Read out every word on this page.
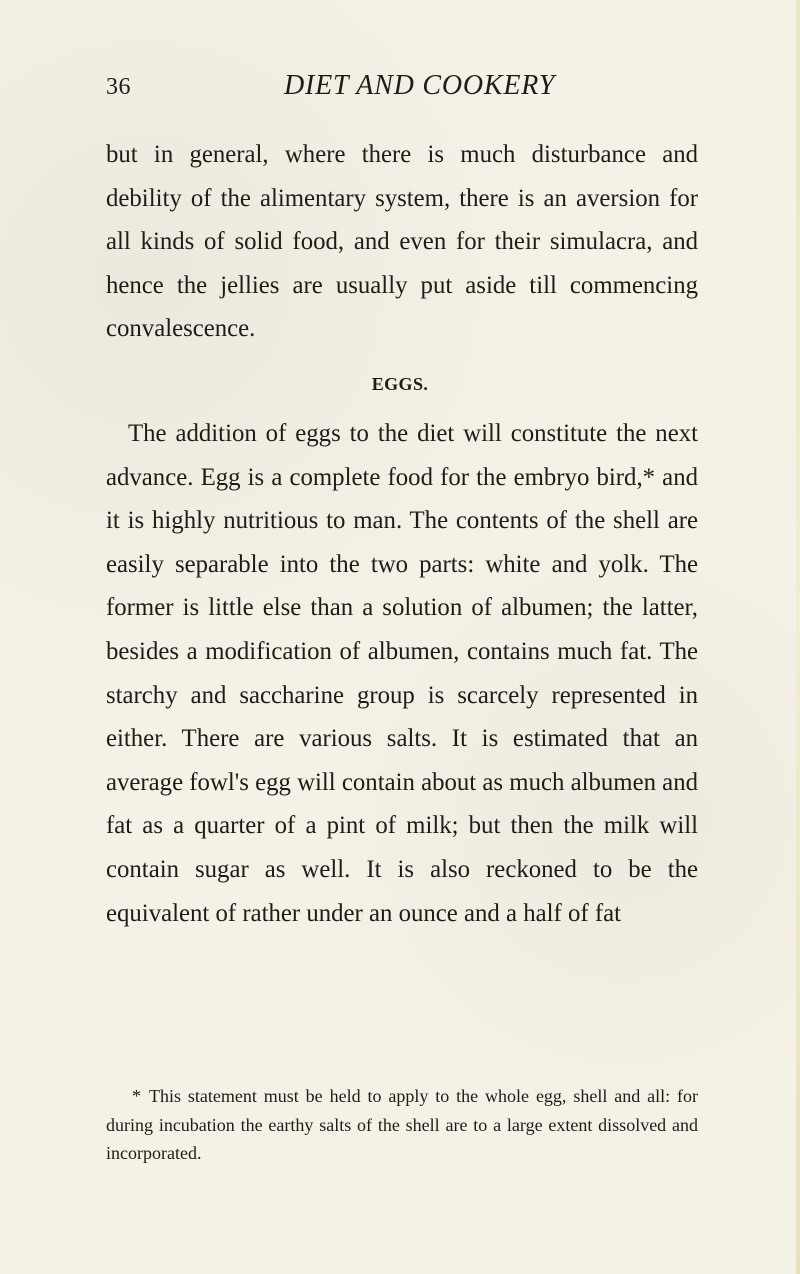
36	DIET AND COOKERY

but in general, where there is much disturbance and debility of the alimentary system, there is an aversion for all kinds of solid food, and even for their simulacra, and hence the jellies are usually put aside till commencing convalescence.

EGGS.

The addition of eggs to the diet will constitute the next advance. Egg is a complete food for the embryo bird,* and it is highly nutritious to man. The contents of the shell are easily separable into the two parts: white and yolk. The former is little else than a solution of albumen; the latter, besides a modification of albumen, contains much fat. The starchy and saccharine group is scarcely represented in either. There are various salts. It is estimated that an average fowl's egg will contain about as much albumen and fat as a quarter of a pint of milk; but then the milk will contain sugar as well. It is also reckoned to be the equivalent of rather under an ounce and a half of fat

* This statement must be held to apply to the whole egg, shell and all: for during incubation the earthy salts of the shell are to a large extent dissolved and incorporated.
